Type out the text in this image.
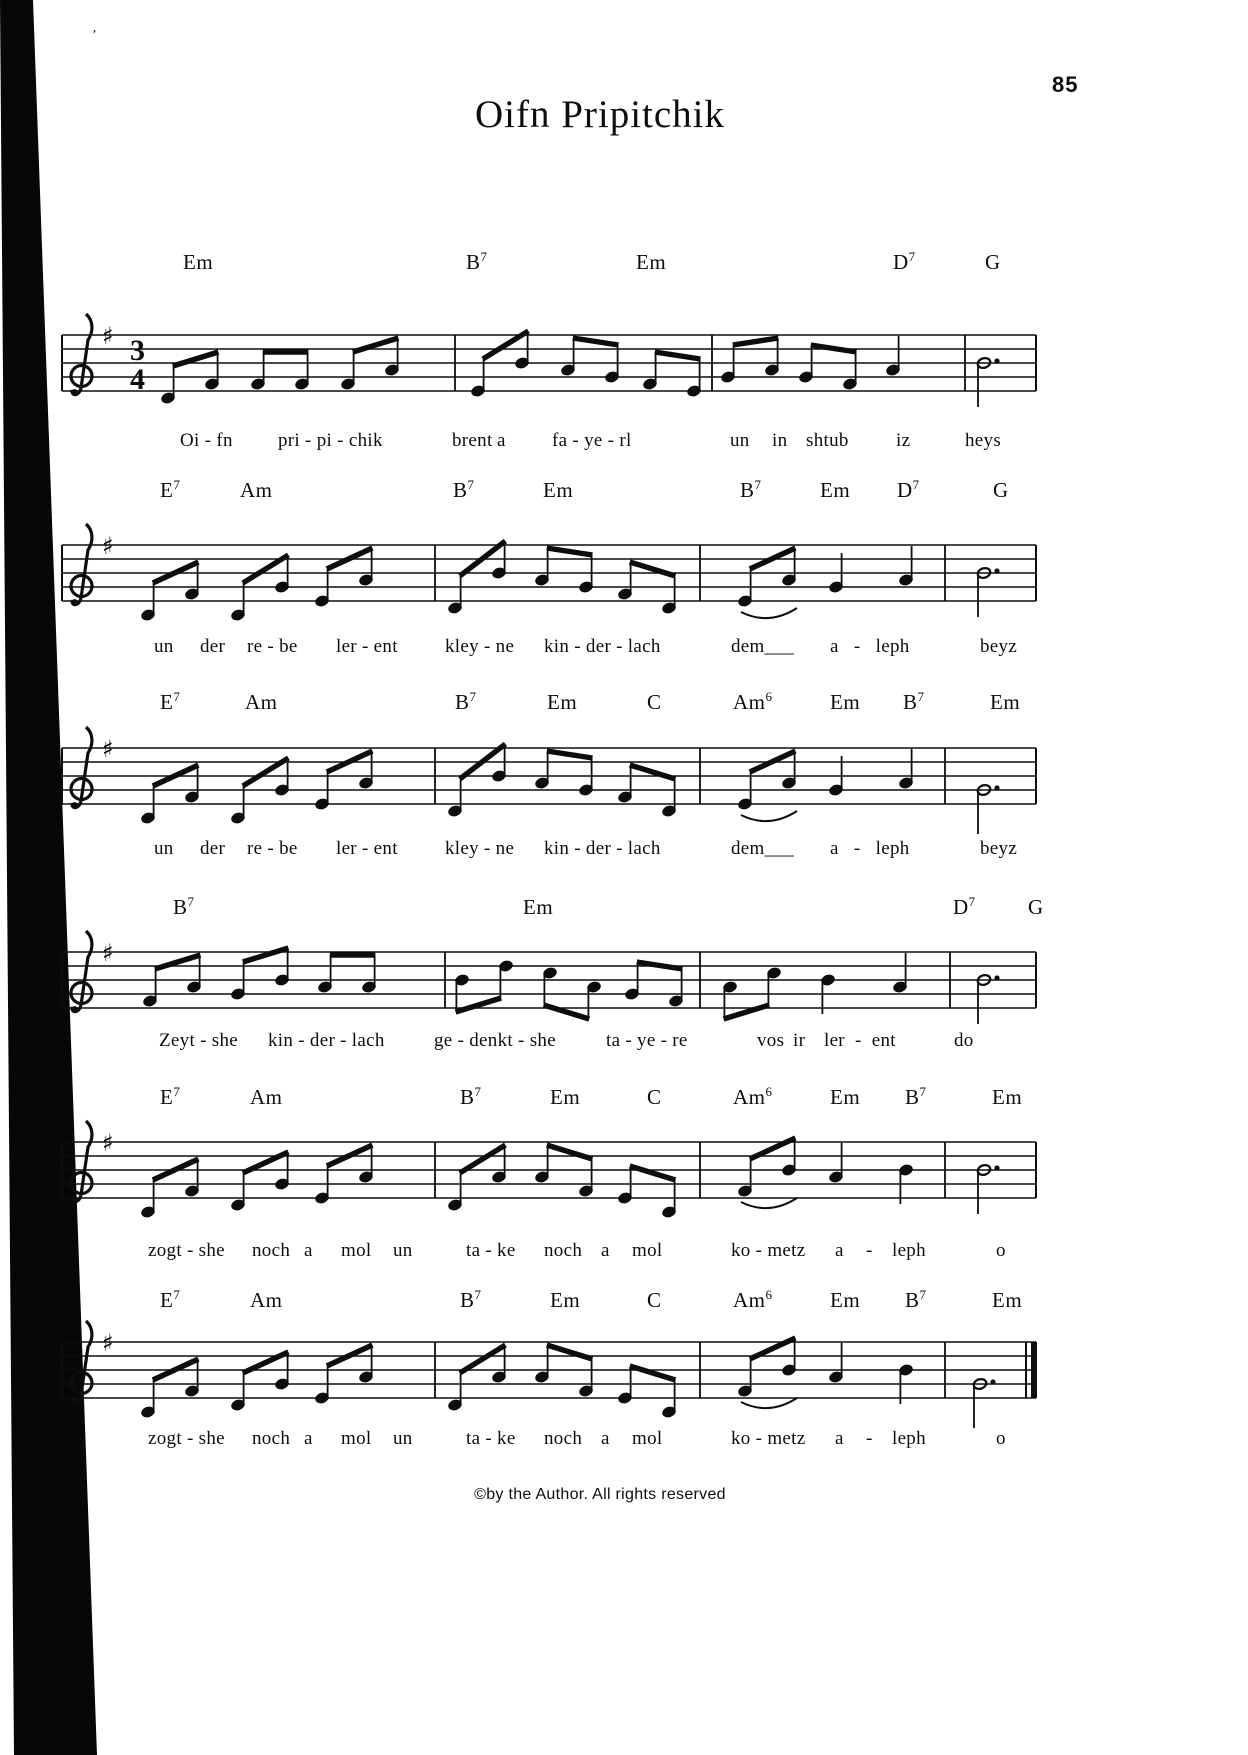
’
85
Oifn Pripitchik
©by the Author. All rights reserved
Em	$B^7$	Em	$D^7$	G
♯ 3
4
Oi - fn pri - pi - chik	brent a fa - ye - rl	un in shtub iz	heys
$E^7$	Am	$B^7$	Em	$B^7$	Em $D^7$	G
♯
un der re - be ler - ent kley - ne kin - der - lach	dem___ a   -   leph	beyz
$E^7$	Am	$B^7$	Em	C	Am$^6$	Em $B^7$	Em
♯
un der re - be ler - ent kley - ne kin - der - lach	dem___ a   -   leph	beyz
$B^7$	Em	$D^7$ G
♯
Zeyt - she kin - der - lach	ge - denkt - she	ta - ye - re	vos ir ler  -  ent	do
$E^7$	Am	$B^7$	Em	C	Am$^6$	Em $B^7$	Em
♯
zogt - she noch a mol un	ta - ke noch a mol	ko - metz a - leph	o
$E^7$	Am	$B^7$	Em	C	Am$^6$	Em $B^7$	Em
♯
zogt - she noch a mol un	ta - ke noch a mol	ko - metz a - leph	o
